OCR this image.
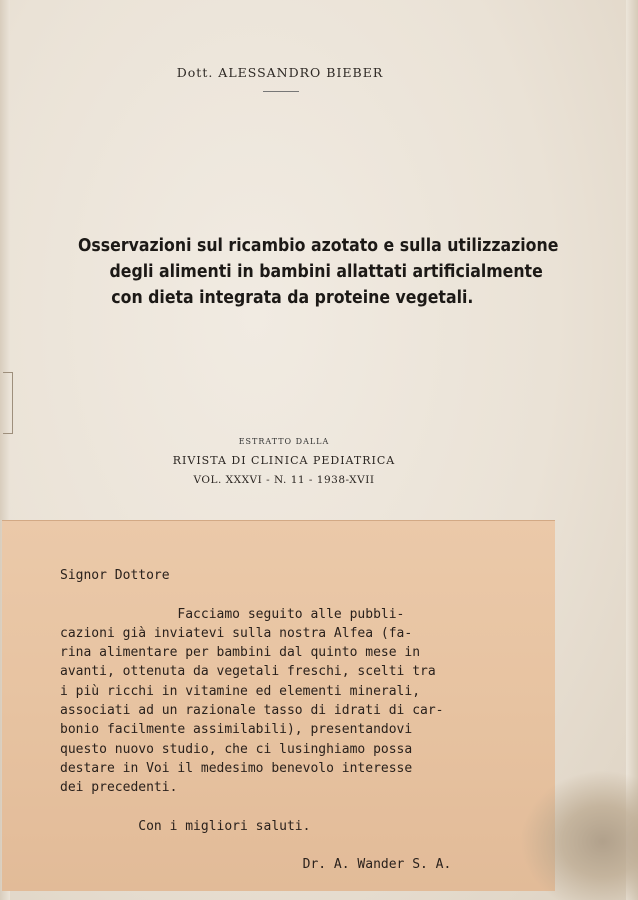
Dott. ALESSANDRO BIEBER
Osservazioni sul ricambio azotato e sulla utilizzazione
degli alimenti in bambini allattati artificialmente
con dieta integrata da proteine vegetali.
ESTRATTO DALLA
RIVISTA DI CLINICA PEDIATRICA
VOL. XXXVI - N. 11 - 1938-XVII
Signor Dottore

Facciamo seguito alle pubbli-
cazioni già inviatevi sulla nostra Alfea (fa-
rina alimentare per bambini dal quinto mese in
avanti, ottenuta da vegetali freschi, scelti tra
i più ricchi in vitamine ed elementi minerali,
associati ad un razionale tasso di idrati di car-
bonio facilmente assimilabili), presentandovi
questo nuovo studio, che ci lusinghiamo possa
destare in Voi il medesimo benevolo interesse
dei precedenti.

Con i migliori saluti.

Dr. A. Wander S. A.
